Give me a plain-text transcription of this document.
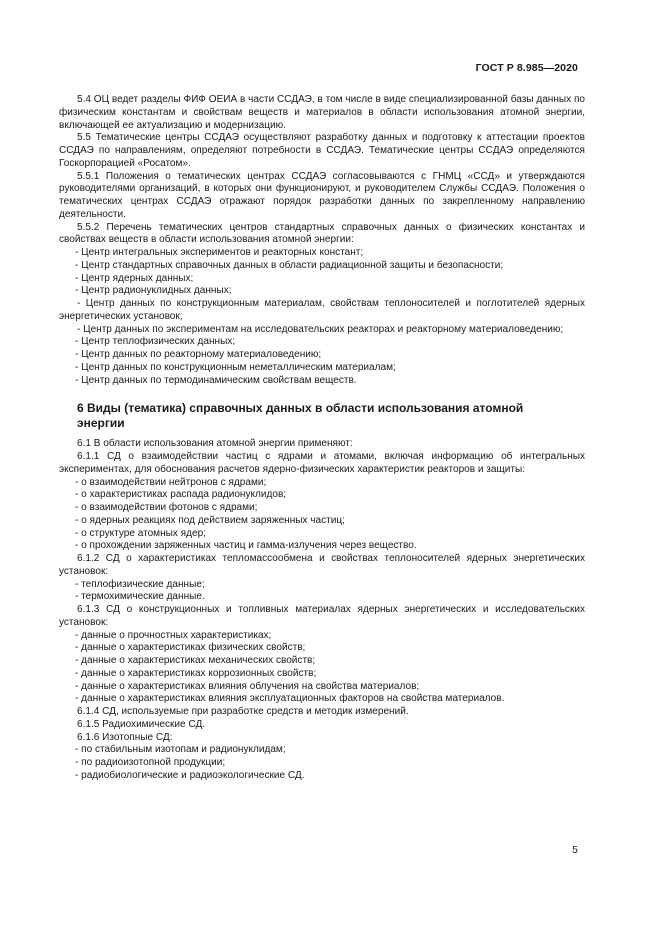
ГОСТ Р 8.985—2020
5.4 ОЦ ведет разделы ФИФ ОЕИА в части ССДАЭ, в том числе в виде специализированной базы данных по физическим константам и свойствам веществ и материалов в области использования атомной энергии, включающей ее актуализацию и модернизацию.
5.5 Тематические центры ССДАЭ осуществляют разработку данных и подготовку к аттестации проектов ССДАЭ по направлениям, определяют потребности в ССДАЭ. Тематические центры ССДАЭ определяются Госкорпорацией «Росатом».
5.5.1 Положения о тематических центрах ССДАЭ согласовываются с ГНМЦ «ССД» и утверждаются руководителями организаций, в которых они функционируют, и руководителем Службы ССДАЭ. Положения о тематических центрах ССДАЭ отражают порядок разработки данных по закрепленному направлению деятельности.
5.5.2 Перечень тематических центров стандартных справочных данных о физических константах и свойствах веществ в области использования атомной энергии:
- Центр интегральных экспериментов и реакторных констант;
- Центр стандартных справочных данных в области радиационной защиты и безопасности;
- Центр ядерных данных;
- Центр радионуклидных данных;
- Центр данных по конструкционным материалам, свойствам теплоносителей и поглотителей ядерных энергетических установок;
- Центр данных по экспериментам на исследовательских реакторах и реакторному материаловедению;
- Центр теплофизических данных;
- Центр данных по реакторному материаловедению;
- Центр данных по конструкционным неметаллическим материалам;
- Центр данных по термодинамическим свойствам веществ.
6 Виды (тематика) справочных данных в области использования атомной
энергии
6.1 В области использования атомной энергии применяют:
6.1.1 СД о взаимодействии частиц с ядрами и атомами, включая информацию об интегральных экспериментах, для обоснования расчетов ядерно-физических характеристик реакторов и защиты:
- о взаимодействии нейтронов с ядрами;
- о характеристиках распада радионуклидов;
- о взаимодействии фотонов с ядрами;
- о ядерных реакциях под действием заряженных частиц;
- о структуре атомных ядер;
- о прохождении заряженных частиц и гамма-излучения через вещество.
6.1.2 СД о характеристиках тепломассообмена и свойствах теплоносителей ядерных энергетических установок:
- теплофизические данные;
- термохимические данные.
6.1.3 СД о конструкционных и топливных материалах ядерных энергетических и исследовательских установок:
- данные о прочностных характеристиках;
- данные о характеристиках физических свойств;
- данные о характеристиках механических свойств;
- данные о характеристиках коррозионных свойств;
- данные о характеристиках влияния облучения на свойства материалов;
- данные о характеристиках влияния эксплуатационных факторов на свойства материалов.
6.1.4 СД, используемые при разработке средств и методик измерений.
6.1.5 Радиохимические СД.
6.1.6 Изотопные СД:
- по стабильным изотопам и радионуклидам;
- по радиоизотопной продукции;
- радиобиологические и радиоэкологические СД.
5
